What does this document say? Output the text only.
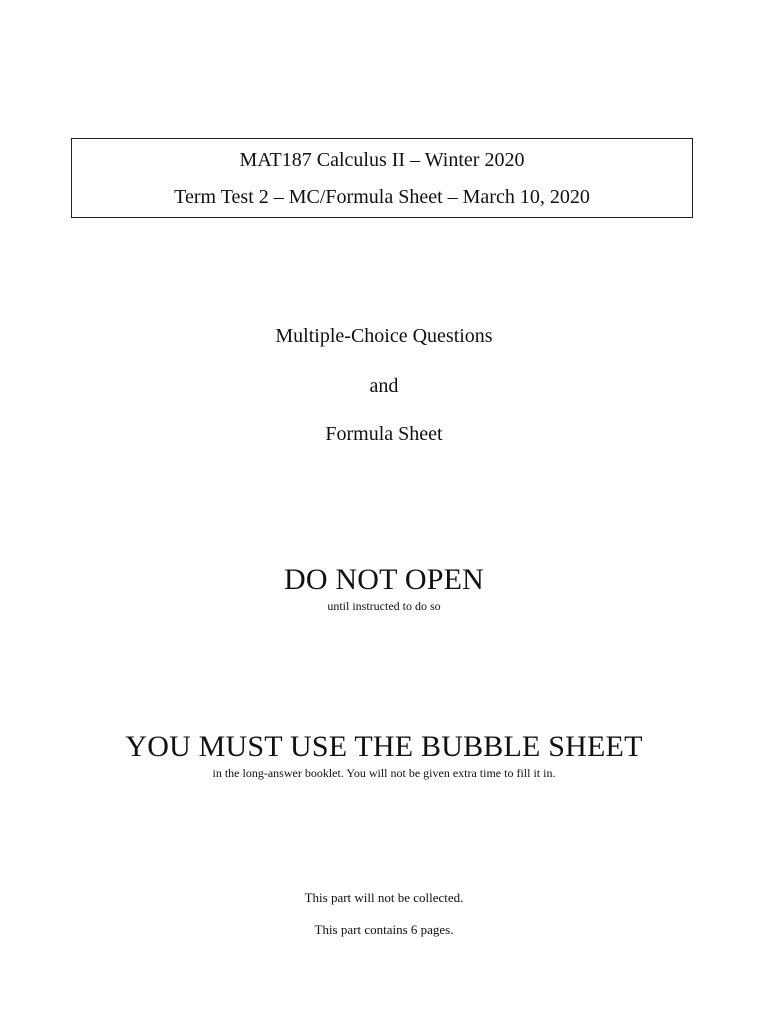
MAT187 Calculus II – Winter 2020
Term Test 2 – MC/Formula Sheet – March 10, 2020
Multiple-Choice Questions
and
Formula Sheet
DO NOT OPEN
until instructed to do so
YOU MUST USE THE BUBBLE SHEET
in the long-answer booklet. You will not be given extra time to fill it in.
This part will not be collected.
This part contains 6 pages.
